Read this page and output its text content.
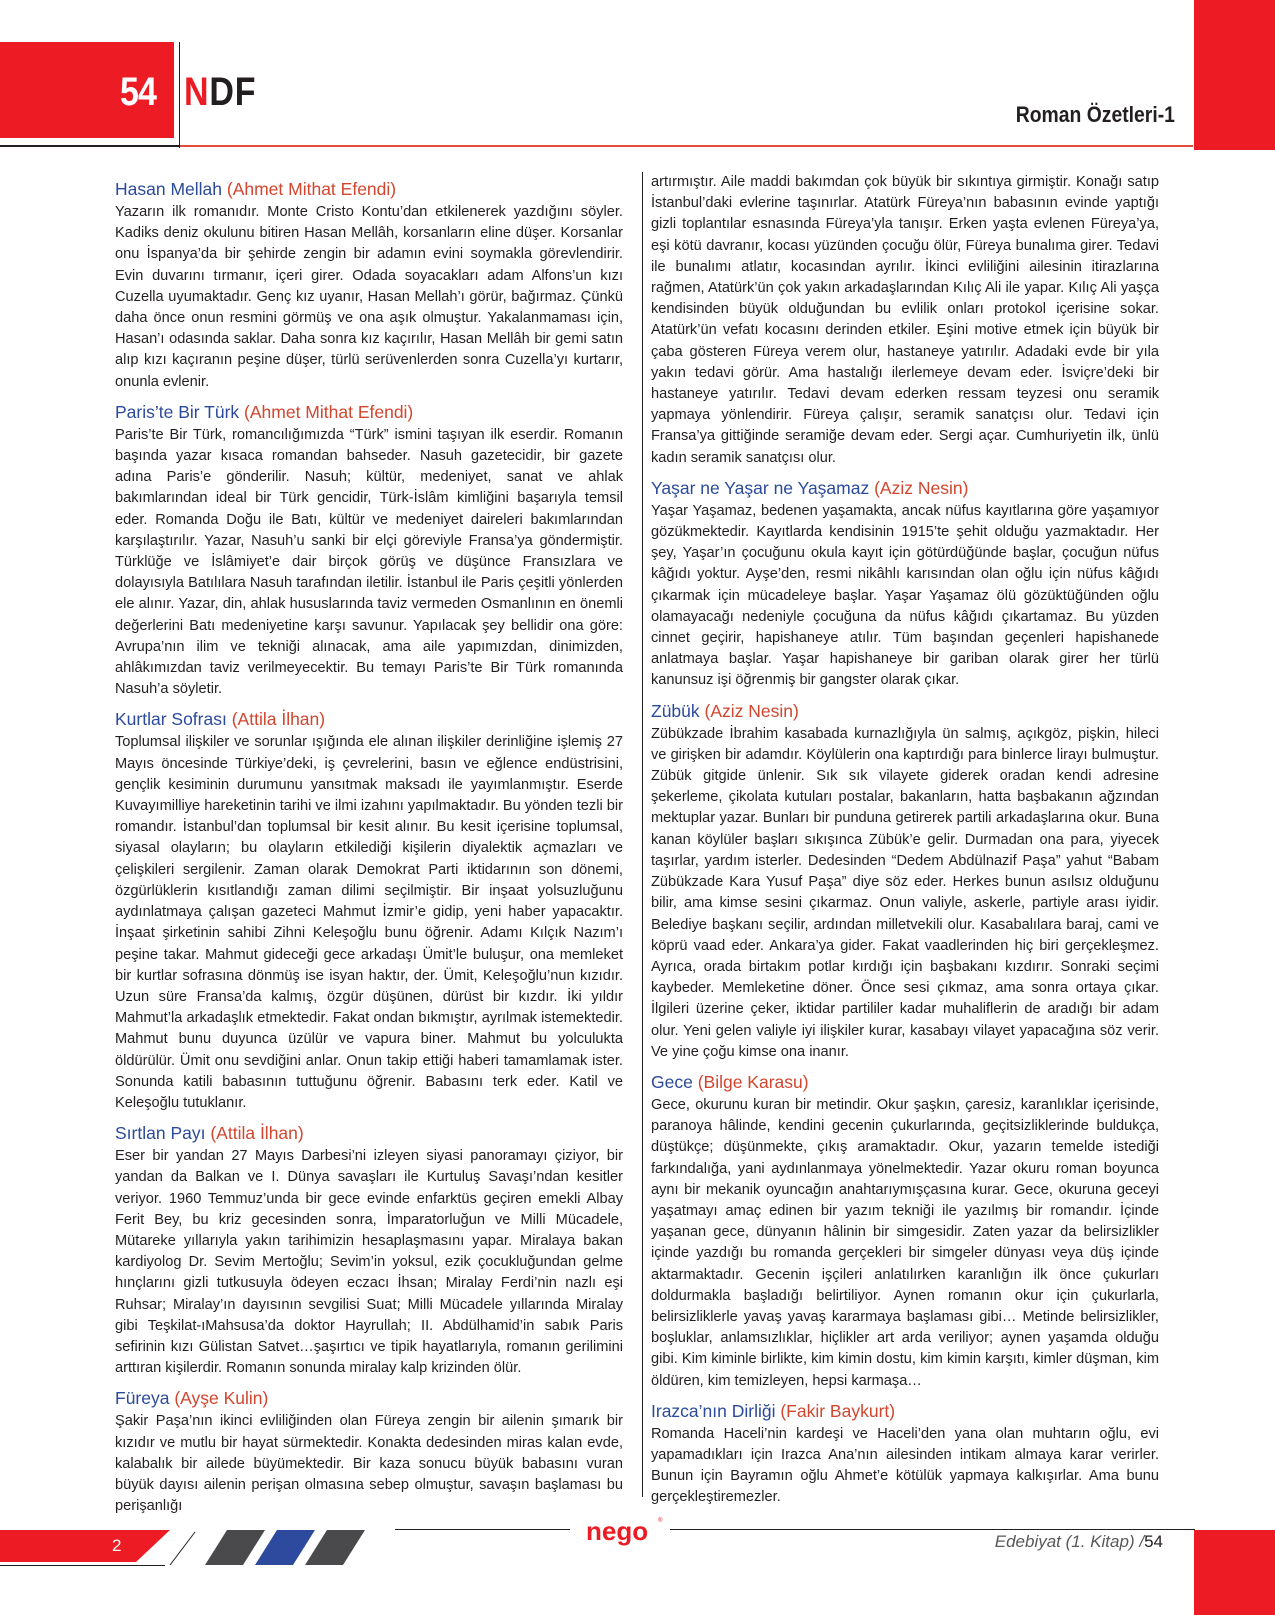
54 NDF
Roman Özetleri-1
Hasan Mellah (Ahmet Mithat Efendi)

Yazarın ilk romanıdır. Monte Cristo Kontu’dan etkilenerek yazdığını söyler. Kadiks deniz okulunu bitiren Hasan Mellâh, korsanların eline düşer. Korsanlar onu İspanya’da bir şehirde zengin bir adamın evini soymakla görevlendirir. Evin duvarını tırmanır, içeri girer. Odada soyacakları adam Alfons’un kızı Cuzella uyumaktadır. Genç kız uyanır, Hasan Mellah’ı görür, bağırmaz. Çünkü daha önce onun resmini görmüş ve ona aşık olmuştur. Yakalanmaması için, Hasan’ı odasında saklar. Daha sonra kız kaçırılır, Hasan Mellâh bir gemi satın alıp kızı kaçıranın peşine düşer, türlü serüvenlerden sonra Cuzella’yı kurtarır, onunla evlenir.

Paris’te Bir Türk (Ahmet Mithat Efendi)

Paris’te Bir Türk, romancılığımızda “Türk” ismini taşıyan ilk eserdir. Romanın başında yazar kısaca romandan bahseder. Nasuh gazetecidir, bir gazete adına Paris’e gönderilir. Nasuh; kültür, medeniyet, sanat ve ahlak bakımlarından ideal bir Türk gencidir, Türk-İslâm kimliğini başarıyla temsil eder. Romanda Doğu ile Batı, kültür ve medeniyet daireleri bakımlarından karşılaştırılır. Yazar, Nasuh’u sanki bir elçi göreviyle Fransa’ya göndermiştir. Türklüğe ve İslâmiyet’e dair birçok görüş ve düşünce Fransızlara ve dolayısıyla Batılılara Nasuh tarafından iletilir. İstanbul ile Paris çeşitli yönlerden ele alınır. Yazar, din, ahlak hususlarında taviz vermeden Osmanlının en önemli değerlerini Batı medeniyetine karşı savunur. Yapılacak şey bellidir ona göre: Avrupa’nın ilim ve tekniği alınacak, ama aile yapımızdan, dinimizden, ahlâkımızdan taviz verilmeyecektir. Bu temayı Paris’te Bir Türk romanında Nasuh’a söyletir.

Kurtlar Sofrası (Attila İlhan)

Toplumsal ilişkiler ve sorunlar ışığında ele alınan ilişkiler derinliğine işlemiş 27 Mayıs öncesinde Türkiye’deki, iş çevrelerini, basın ve eğlence endüstrisini, gençlik kesiminin durumunu yansıtmak maksadı ile yayımlanmıştır. Eserde Kuvayımilliye hareketinin tarihi ve ilmi izahını yapılmaktadır. Bu yönden tezli bir romandır. İstanbul’dan toplumsal bir kesit alınır. Bu kesit içerisine toplumsal, siyasal olayların; bu olayların etkilediği kişilerin diyalektik açmazları ve çelişkileri sergilenir. Zaman olarak Demokrat Parti iktidarının son dönemi, özgürlüklerin kısıtlandığı zaman dilimi seçilmiştir. Bir inşaat yolsuzluğunu aydınlatmaya çalışan gazeteci Mahmut İzmir’e gidip, yeni haber yapacaktır. İnşaat şirketinin sahibi Zihni Keleşoğlu bunu öğrenir. Adamı Kılçık Nazım’ı peşine takar. Mahmut gideceği gece arkadaşı Ümit’le buluşur, ona memleket bir kurtlar sofrasına dönmüş ise isyan haktır, der. Ümit, Keleşoğlu’nun kızıdır. Uzun süre Fransa’da kalmış, özgür düşünen, dürüst bir kızdır. İki yıldır Mahmut’la arkadaşlık etmektedir. Fakat ondan bıkmıştır, ayrılmak istemektedir. Mahmut bunu duyunca üzülür ve vapura biner. Mahmut bu yolculukta öldürülür. Ümit onu sevdiğini anlar. Onun takip ettiği haberi tamamlamak ister. Sonunda katili babasının tuttuğunu öğrenir. Babasını terk eder. Katil ve Keleşoğlu tutuklanır.

Sırtlan Payı (Attila İlhan)

Eser bir yandan 27 Mayıs Darbesi’ni izleyen siyasi panoramayı çiziyor, bir yandan da Balkan ve I. Dünya savaşları ile Kurtuluş Savaşı’ndan kesitler veriyor. 1960 Temmuz’unda bir gece evinde enfarktüs geçiren emekli Albay Ferit Bey, bu kriz gecesinden sonra, İmparatorluğun ve Milli Mücadele, Mütareke yıllarıyla yakın tarihimizin hesaplaşmasını yapar. Miralaya bakan kardiyolog Dr. Sevim Mertoğlu; Sevim’in yoksul, ezik çocukluğundan gelme hınçlarını gizli tutkusuyla ödeyen eczacı İhsan; Miralay Ferdi’nin nazlı eşi Ruhsar; Miralay’ın dayısının sevgilisi Suat; Milli Mücadele yıllarında Miralay gibi Teşkilat-ıMahsusa’da doktor Hayrullah; II. Abdülhamid’in sabık Paris sefirinin kızı Gülistan Satvet…şaşırtıcı ve tipik hayatlarıyla, romanın gerilimini arttıran kişilerdir. Romanın sonunda miralay kalp krizinden ölür.

Füreya (Ayşe Kulin)

Şakir Paşa’nın ikinci evliliğinden olan Füreya zengin bir ailenin şımarık bir kızıdır ve mutlu bir hayat sürmektedir. Konakta dedesinden miras kalan evde, kalabalık bir ailede büyümektedir. Bir kaza sonucu büyük babasını vuran büyük dayısı ailenin perişan olmasına sebep olmuştur, savaşın başlaması bu perişanlığı

artırmıştır. Aile maddi bakımdan çok büyük bir sıkıntıya girmiştir. Konağı satıp İstanbul’daki evlerine taşınırlar. Atatürk Füreya’nın babasının evinde yaptığı gizli toplantılar esnasında Füreya’yla tanışır. Erken yaşta evlenen Füreya’ya, eşi kötü davranır, kocası yüzünden çocuğu ölür, Füreya bunalıma girer. Tedavi ile bunalımı atlatır, kocasından ayrılır. İkinci evliliğini ailesinin itirazlarına rağmen, Atatürk’ün çok yakın arkadaşlarından Kılıç Ali ile yapar. Kılıç Ali yaşça kendisinden büyük olduğundan bu evlilik onları protokol içerisine sokar. Atatürk’ün vefatı kocasını derinden etkiler. Eşini motive etmek için büyük bir çaba gösteren Füreya verem olur, hastaneye yatırılır. Adadaki evde bir yıla yakın tedavi görür. Ama hastalığı ilerlemeye devam eder. İsviçre’deki bir hastaneye yatırılır. Tedavi devam ederken ressam teyzesi onu seramik yapmaya yönlendirir. Füreya çalışır, seramik sanatçısı olur. Tedavi için Fransa’ya gittiğinde seramiğe devam eder. Sergi açar. Cumhuriyetin ilk, ünlü kadın seramik sanatçısı olur.

Yaşar ne Yaşar ne Yaşamaz (Aziz Nesin)

Yaşar Yaşamaz, bedenen yaşamakta, ancak nüfus kayıtlarına göre yaşamıyor gözükmektedir. Kayıtlarda kendisinin 1915’te şehit olduğu yazmaktadır. Her şey, Yaşar’ın çocuğunu okula kayıt için götürdüğünde başlar, çocuğun nüfus kâğıdı yoktur. Ayşe’den, resmi nikâhlı karısından olan oğlu için nüfus kâğıdı çıkarmak için mücadeleye başlar. Yaşar Yaşamaz ölü gözüktüğünden oğlu olamayacağı nedeniyle çocuğuna da nüfus kâğıdı çıkartamaz. Bu yüzden cinnet geçirir, hapishaneye atılır. Tüm başından geçenleri hapishanede anlatmaya başlar. Yaşar hapishaneye bir gariban olarak girer her türlü kanunsuz işi öğrenmiş bir gangster olarak çıkar.

Zübük (Aziz Nesin)

Zübükzade İbrahim kasabada kurnazlığıyla ün salmış, açıkgöz, pişkin, hileci ve girişken bir adamdır. Köylülerin ona kaptırdığı para binlerce lirayı bulmuştur. Zübük gitgide ünlenir. Sık sık vilayete giderek oradan kendi adresine şekerleme, çikolata kutuları postalar, bakanların, hatta başbakanın ağzından mektuplar yazar. Bunları bir punduna getirerek partili arkadaşlarına okur. Buna kanan köylüler başları sıkışınca Zübük’e gelir. Durmadan ona para, yiyecek taşırlar, yardım isterler. Dedesinden “Dedem Abdülnazif Paşa” yahut “Babam Zübükzade Kara Yusuf Paşa” diye söz eder. Herkes bunun asılsız olduğunu bilir, ama kimse sesini çıkarmaz. Onun valiyle, askerle, partiyle arası iyidir. Belediye başkanı seçilir, ardından milletvekili olur. Kasabalılara baraj, cami ve köprü vaad eder. Ankara’ya gider. Fakat vaadlerinden hiç biri gerçekleşmez. Ayrıca, orada birtakım potlar kırdığı için başbakanı kızdırır. Sonraki seçimi kaybeder. Memleketine döner. Önce sesi çıkmaz, ama sonra ortaya çıkar. İlgileri üzerine çeker, iktidar partililer kadar muhaliflerin de aradığı bir adam olur. Yeni gelen valiyle iyi ilişkiler kurar, kasabayı vilayet yapacağına söz verir. Ve yine çoğu kimse ona inanır.

Gece (Bilge Karasu)

Gece, okurunu kuran bir metindir. Okur şaşkın, çaresiz, karanlıklar içerisinde, paranoya hâlinde, kendini gecenin çukurlarında, geçitsizliklerinde buldukça, düştükçe; düşünmekte, çıkış aramaktadır. Okur, yazarın temelde istediği farkındalığa, yani aydınlanmaya yönelmektedir. Yazar okuru roman boyunca aynı bir mekanik oyuncağın anahtarıymışçasına kurar. Gece, okuruna geceyi yaşatmayı amaç edinen bir yazım tekniği ile yazılmış bir romandır. İçinde yaşanan gece, dünyanın hâlinin bir simgesidir. Zaten yazar da belirsizlikler içinde yazdığı bu romanda gerçekleri bir simgeler dünyası veya düş içinde aktarmaktadır. Gecenin işçileri anlatılırken karanlığın ilk önce çukurları doldurmakla başladığı belirtiliyor. Aynen romanın okur için çukurlarla, belirsizliklerle yavaş yavaş kararmaya başlaması gibi… Metinde belirsizlikler, boşluklar, anlamsızlıklar, hiçlikler art arda veriliyor; aynen yaşamda olduğu gibi. Kim kiminle birlikte, kim kimin dostu, kim kimin karşıtı, kimler düşman, kim öldüren, kim temizleyen, hepsi karmaşa…

Irazca’nın Dirliği (Fakir Baykurt)

Romanda Haceli’nin kardeşi ve Haceli’den yana olan muhtarın oğlu, evi yapamadıkları için Irazca Ana’nın ailesinden intikam almaya karar verirler. Bunun için Bayramın oğlu Ahmet’e kötülük yapmaya kalkışırlar. Ama bunu gerçekleştiremezler.

2	nego ®
Edebiyat (1. Kitap) /54
